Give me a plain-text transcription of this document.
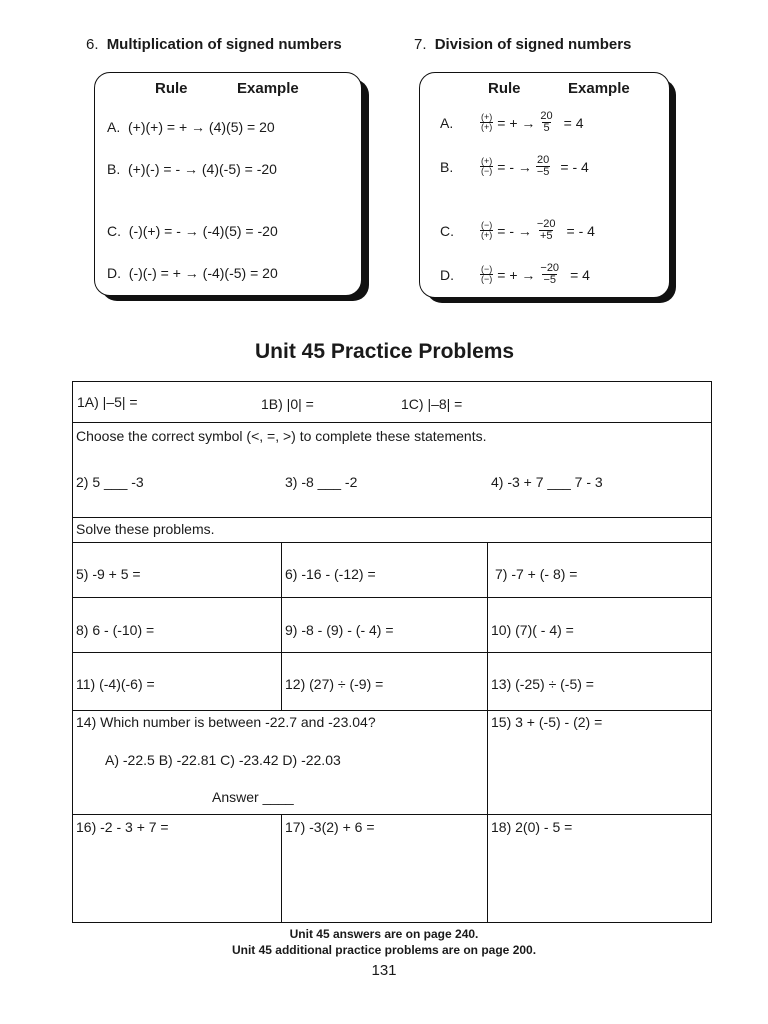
6. Multiplication of signed numbers	7. Division of signed numbers
Rule	Example
A. (+)(+) = + → (4)(5) = 20
B. (+)(-) = - → (4)(-5) = -20
C. (-)(+) = - → (-4)(5) = -20
D. (-)(-) = + → (-4)(-5) = 20
Rule	Example
A.	$\frac{(+)}{(+)}$ = + → $\frac{20}{5} = 4$
B.	$\frac{(+)}{(-)}$ = - → $\frac{20}{-5}$ = - 4
C.	$\frac{(-)}{(+)}$ = - → $\frac{-20}{+5}$ = - 4
D.	$\frac{(-)}{(-)}$ = + → $\frac{-20}{-5} = 4$
Unit 45 Practice Problems
1A) |–5| =	1B) |0| =	1C) |–8| =
Choose the correct symbol (<, =, >) to complete these statements.
2) 5 ___ -3	3) -8 ___ -2	4) -3 + 7 ___ 7 - 3
Solve these problems.
5) -9 + 5 =	6) -16 - (-12) =	7) -7 + (- 8) =
8) 6 - (-10) =	9) -8 - (9) - (- 4) =	10) (7)( - 4) =
11) (-4)(-6) =	12) (27) ÷ (-9) =	13) (-25) ÷ (-5) =
14) Which number is between -22.7 and -23.04?
A) -22.5 B) -22.81 C) -23.42 D) -22.03
Answer ____
15) 3 + (-5) - (2) =
16) -2 - 3 + 7 =	17) -3(2) + 6 =	18) 2(0) - 5 =
Unit 45 answers are on page 240.
Unit 45 additional practice problems are on page 200.
131
